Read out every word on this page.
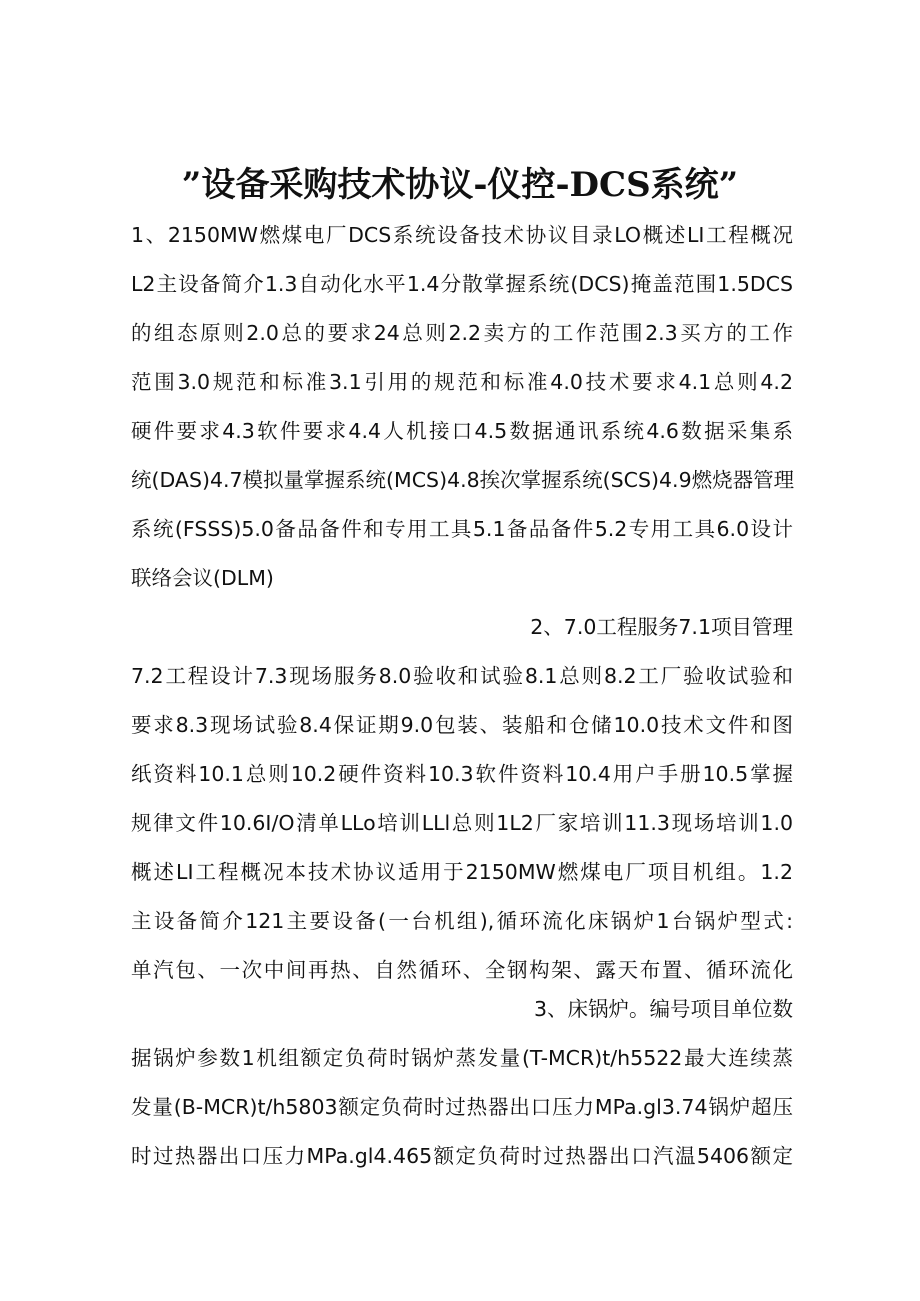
”设备采购技术协议-仪控-DCS系统”
1、2150MW燃煤电厂DCS系统设备技术协议目录LO概述LI工程概况
L2主设备简介1.3自动化水平1.4分散掌握系统(DCS)掩盖范围1.5DCS
的组态原则2.0总的要求24总则2.2卖方的工作范围2.3买方的工作
范围3.0规范和标准3.1引用的规范和标准4.0技术要求4.1总则4.2
硬件要求4.3软件要求4.4人机接口4.5数据通讯系统4.6数据采集系
统(DAS)4.7模拟量掌握系统(MCS)4.8挨次掌握系统(SCS)4.9燃烧器管理
系统(FSSS)5.0备品备件和专用工具5.1备品备件5.2专用工具6.0设计
联络会议(DLM)
2、7.0工程服务7.1项目管理
7.2工程设计7.3现场服务8.0验收和试验8.1总则8.2工厂验收试验和
要求8.3现场试验8.4保证期9.0包装、装船和仓储10.0技术文件和图
纸资料10.1总则10.2硬件资料10.3软件资料10.4用户手册10.5掌握
规律文件10.6I/O清单LLo培训LLl总则1L2厂家培训11.3现场培训1.0
概述LI工程概况本技术协议适用于2150MW燃煤电厂项目机组。1.2
主设备简介121主要设备(一台机组),循环流化床锅炉1台锅炉型式:
单汽包、一次中间再热、自然循环、全钢构架、露天布置、循环流化
3、床锅炉。编号项目单位数
据锅炉参数1机组额定负荷时锅炉蒸发量(T-MCR)t/h5522最大连续蒸
发量(B-MCR)t/h5803额定负荷时过热器出口压力MPa.gl3.74锅炉超压
时过热器出口压力MPa.gl4.465额定负荷时过热器出口汽温5406额定
